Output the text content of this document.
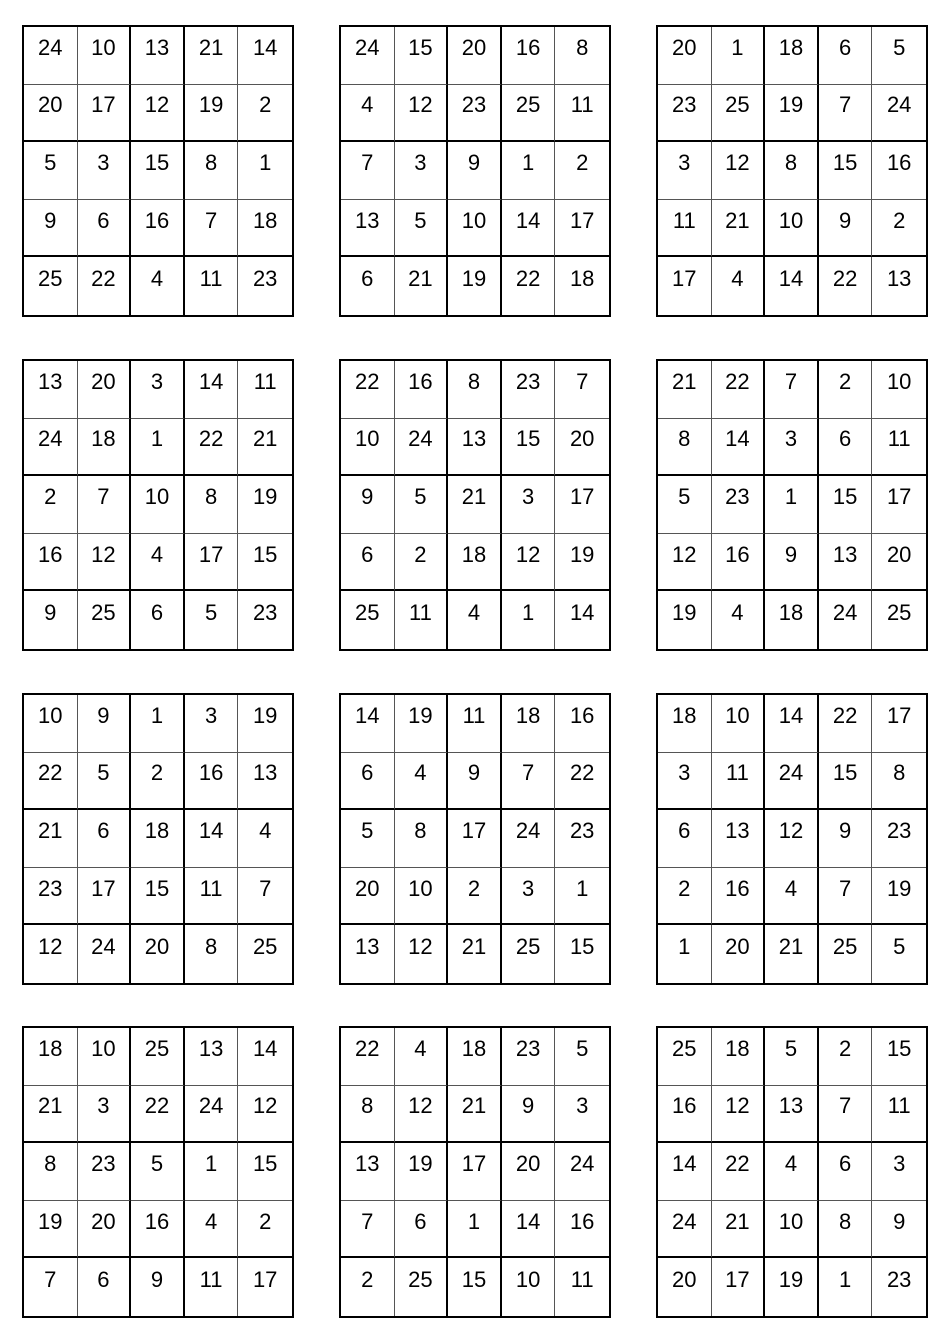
24	10	13	21	14
20	17	12	19	2
5	3	15	8	1
9	6	16	7	18
25	22	4	11	23
24	15	20	16	8
4	12	23	25	11
7	3	9	1	2
13	5	10	14	17
6	21	19	22	18
20	1	18	6	5
23	25	19	7	24
3	12	8	15	16
11	21	10	9	2
17	4	14	22	13
13	20	3	14	11
24	18	1	22	21
2	7	10	8	19
16	12	4	17	15
9	25	6	5	23
22	16	8	23	7
10	24	13	15	20
9	5	21	3	17
6	2	18	12	19
25	11	4	1	14
21	22	7	2	10
8	14	3	6	11
5	23	1	15	17
12	16	9	13	20
19	4	18	24	25
10	9	1	3	19
22	5	2	16	13
21	6	18	14	4
23	17	15	11	7
12	24	20	8	25
14	19	11	18	16
6	4	9	7	22
5	8	17	24	23
20	10	2	3	1
13	12	21	25	15
18	10	14	22	17
3	11	24	15	8
6	13	12	9	23
2	16	4	7	19
1	20	21	25	5
18	10	25	13	14
21	3	22	24	12
8	23	5	1	15
19	20	16	4	2
7	6	9	11	17
22	4	18	23	5
8	12	21	9	3
13	19	17	20	24
7	6	1	14	16
2	25	15	10	11
25	18	5	2	15
16	12	13	7	11
14	22	4	6	3
24	21	10	8	9
20	17	19	1	23
